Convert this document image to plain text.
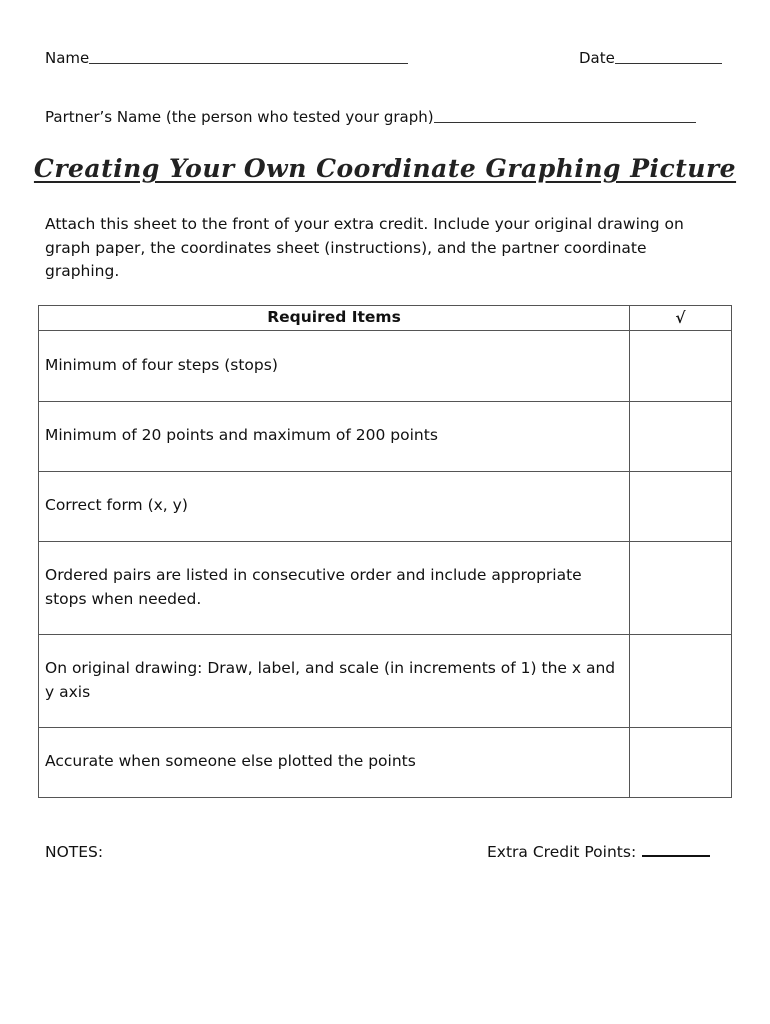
Name	Date
Partner’s Name (the person who tested your graph)
Creating Your Own Coordinate Graphing Picture
Attach this sheet to the front of your extra credit. Include your original drawing on graph paper, the coordinates sheet (instructions), and the partner coordinate graphing.
Required Items	√
Minimum of four steps (stops)	
Minimum of 20 points and maximum of 200 points	
Correct form (x, y)	
Ordered pairs are listed in consecutive order and include appropriate stops when needed.	
On original drawing: Draw, label, and scale (in increments of 1) the x and y axis	
Accurate when someone else plotted the points	
NOTES:	Extra Credit Points:
